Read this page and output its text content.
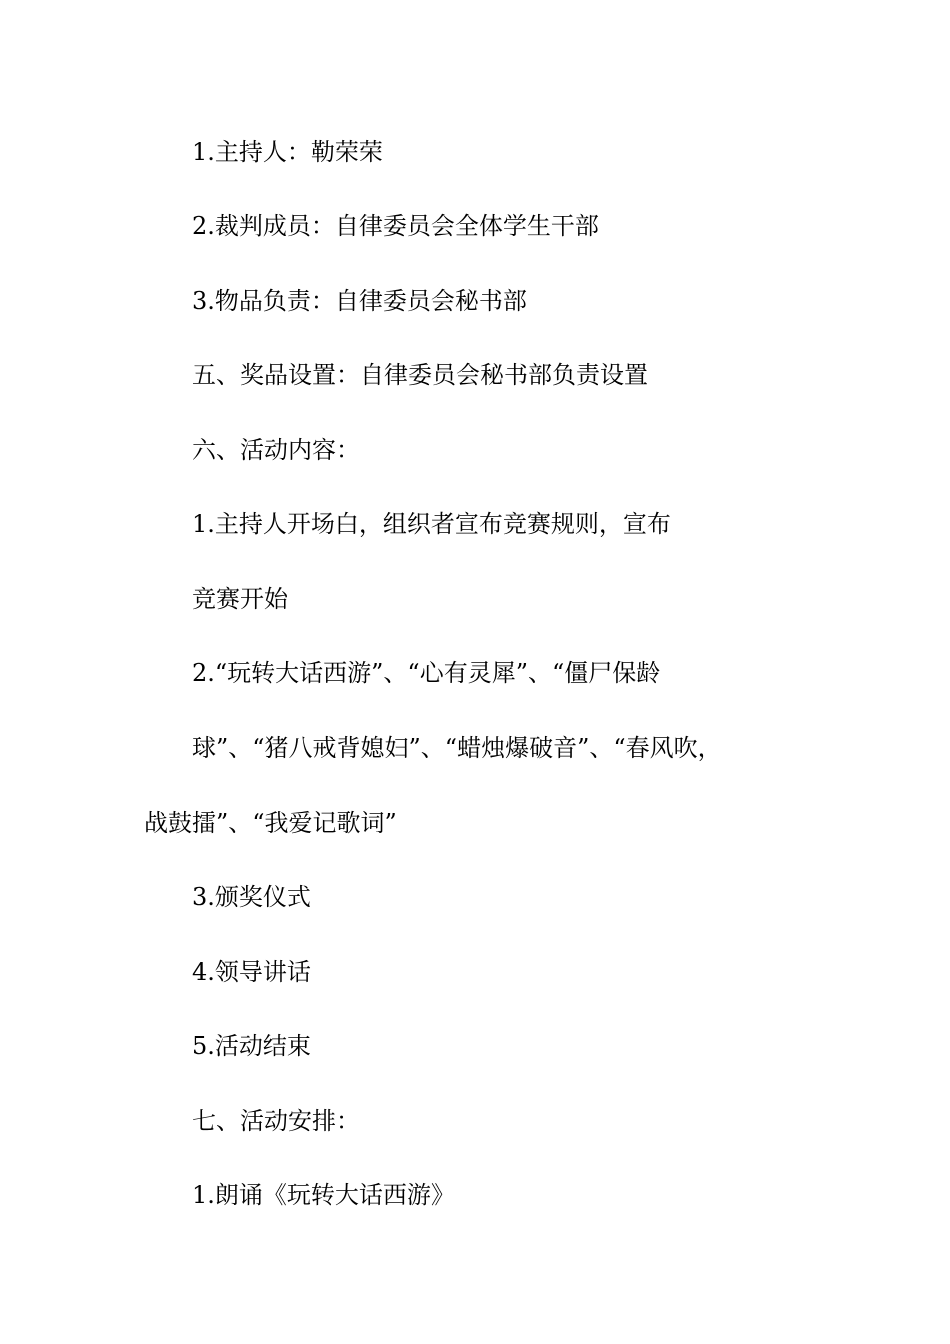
1.主持人：勒荣荣
2.裁判成员：自律委员会全体学生干部
3.物品负责：自律委员会秘书部
五、奖品设置：自律委员会秘书部负责设置
六、活动内容：
1.主持人开场白，组织者宣布竞赛规则，宣布
竞赛开始
2.“玩转大话西游”、“心有灵犀”、“僵尸保龄
球”、“猪八戒背媳妇”、“蜡烛爆破音”、“春风吹，
战鼓擂”、“我爱记歌词”
3.颁奖仪式
4.领导讲话
5.活动结束
七、活动安排：
1.朗诵《玩转大话西游》
